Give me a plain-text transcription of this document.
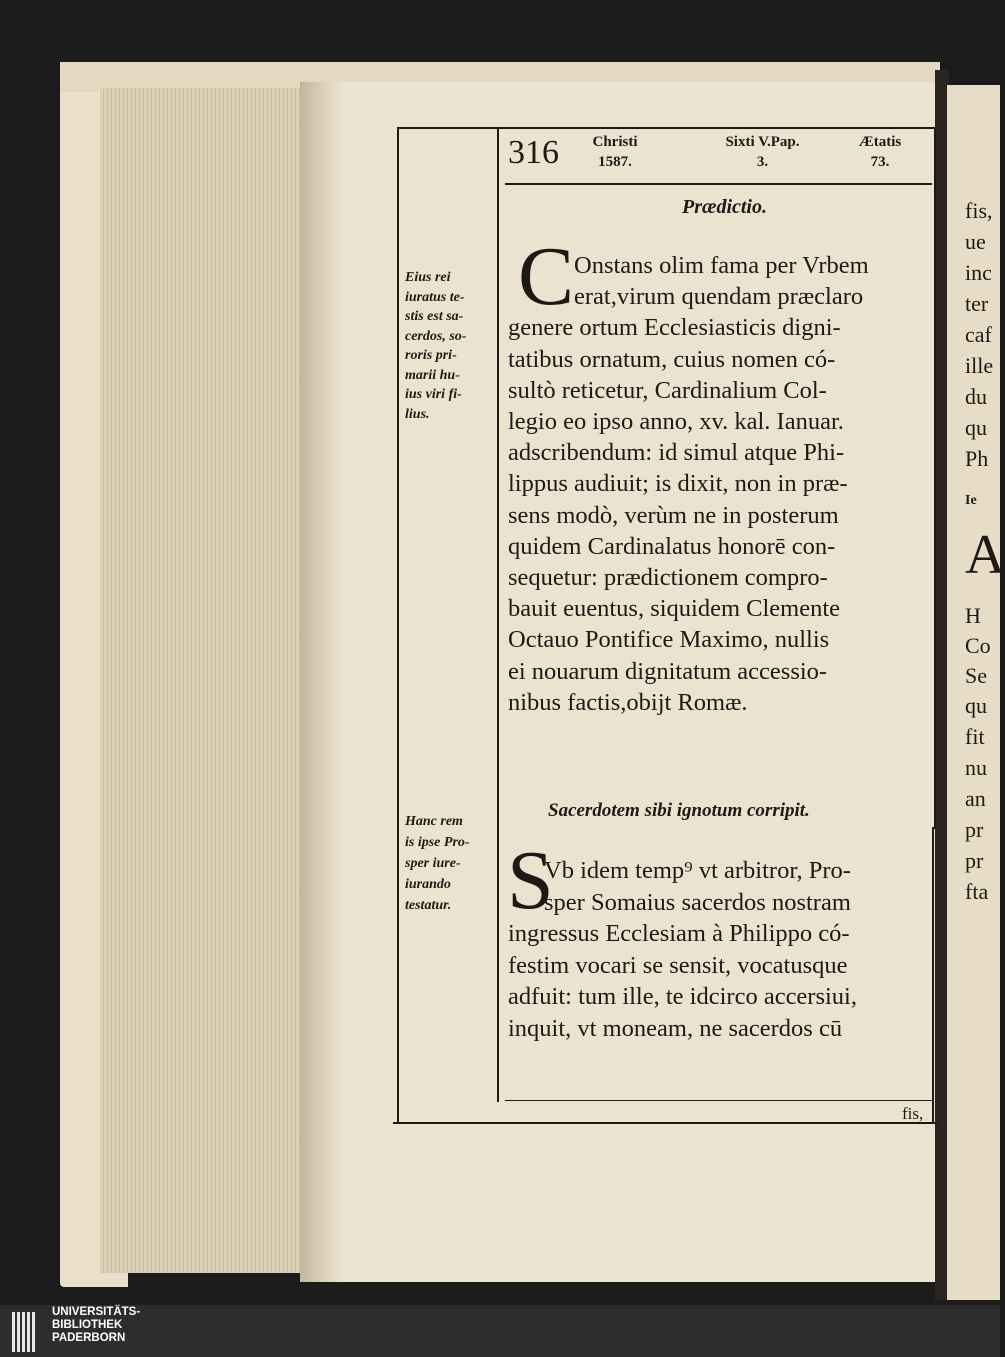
fis,
ue
inc
ter
caf
ille
du
qu
Ph
Ie
A
H
Co
Se
qu
fit
nu
an
pr
pr
fta
316	Christi
1587.
Sixti V.Pap.
3.
Ætatis
73.
Prædictio.
C Onstans olim fama per Vrbem
erat,virum quendam præclaro
genere ortum Ecclesiasticis digni-
tatibus ornatum, cuius nomen có-
sultò reticetur, Cardinalium Col-
legio eo ipso anno, xv. kal. Ianuar.
adscribendum: id simul atque Phi-
lippus audiuit; is dixit, non in præ-
sens modò, verùm ne in posterum
quidem Cardinalatus honorē con-
sequetur: prædictionem compro-
bauit euentus, siquidem Clemente
Octauo Pontifice Maximo, nullis
ei nouarum dignitatum accessio-
nibus factis,obijt Romæ.
Eius rei
iuratus te-
stis est sa-
cerdos, so-
roris pri-
marii hu-
ius viri fi-
lius.
Sacerdotem sibi ignotum corripit.
S
Vb idem temp⁹ vt arbitror, Pro-
sper Somaius sacerdos nostram
ingressus Ecclesiam à Philippo có-
festim vocari se sensit, vocatusque
adfuit: tum ille, te idcirco accersiui,
inquit, vt moneam, ne sacerdos cū
Hanc rem
is ipse Pro-
sper iure-
iurando
testatur.
fis,
UNIVERSITÄTS-
BIBLIOTHEK
PADERBORN
